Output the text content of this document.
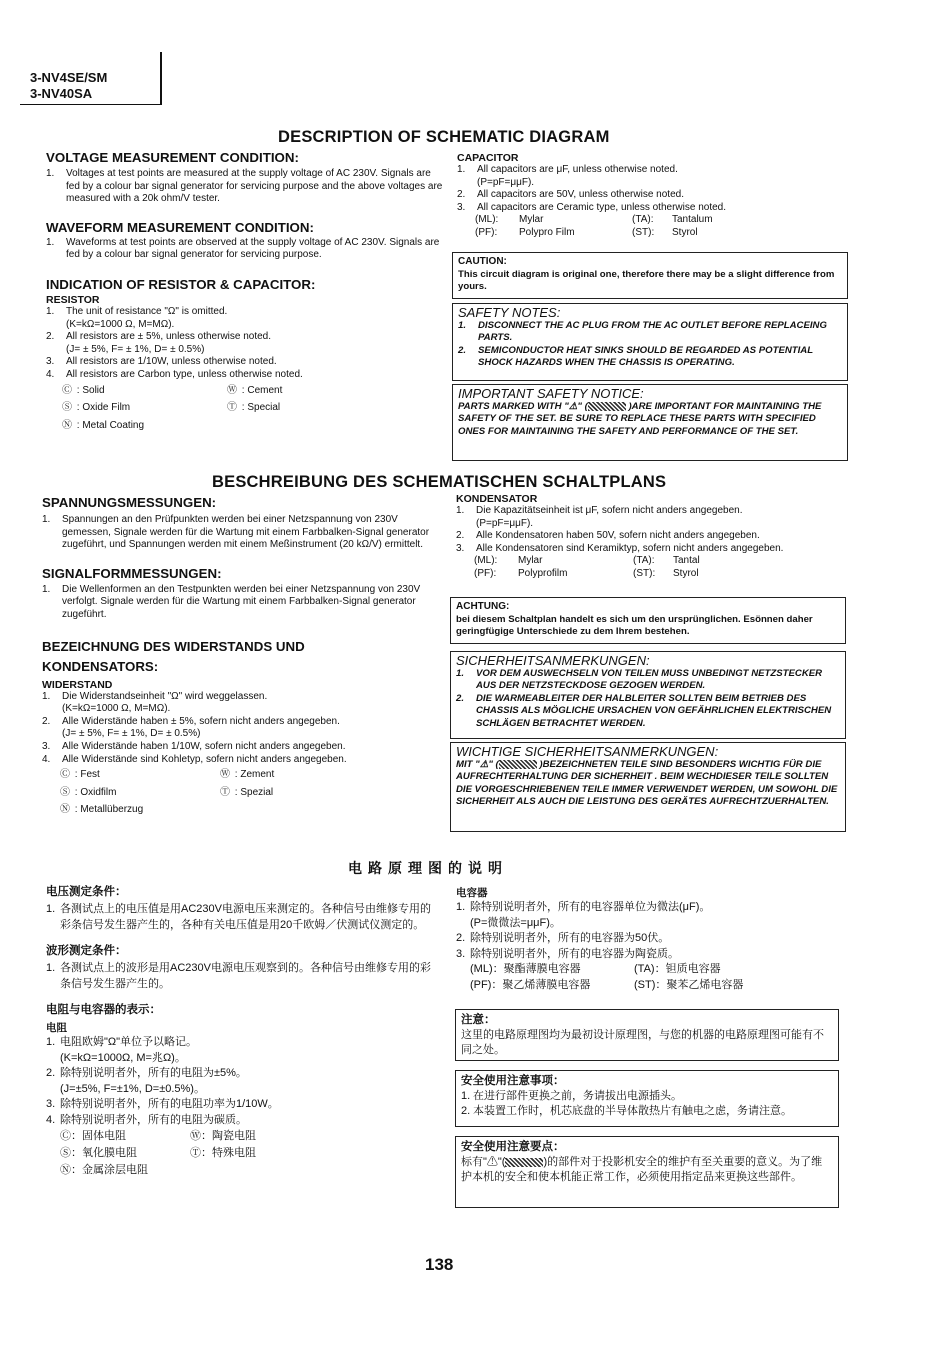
3-NV4SE/SM
3-NV40SA
DESCRIPTION OF SCHEMATIC DIAGRAM
VOLTAGE MEASUREMENT CONDITION:
1. Voltages at test points are measured at the supply voltage of AC 230V. Signals are fed by a colour bar signal generator for servicing purpose and the above voltages are measured with a 20k ohm/V tester.
WAVEFORM MEASUREMENT CONDITION:
1. Waveforms at test points are observed at the supply voltage of AC 230V. Signals are fed by a colour bar signal generator for servicing purpose.
INDICATION OF RESISTOR & CAPACITOR:
RESISTOR
1. The unit of resistance "Ω" is omitted.
(K=kΩ=1000 Ω, M=MΩ).
2. All resistors are ± 5%, unless otherwise noted.
(J= ± 5%, F= ± 1%, D= ± 0.5%)
3. All resistors are 1/10W, unless otherwise noted.
4. All resistors are Carbon type, unless otherwise noted.
Ⓒ : Solid	Ⓦ : Cement
Ⓢ : Oxide Film	Ⓣ : Special
Ⓝ : Metal Coating
CAPACITOR
1. All capacitors are μF, unless otherwise noted.
(P=pF=μμF).
2. All capacitors are 50V, unless otherwise noted.
3. All capacitors are Ceramic type, unless otherwise noted.
(ML):	Mylar	(TA):	Tantalum
(PF):	Polypro Film	(ST):	Styrol
CAUTION:
This circuit diagram is original one, therefore there may be a slight difference from yours.
SAFETY NOTES:
1. DISCONNECT THE AC PLUG FROM THE AC OUTLET BEFORE REPLACEING PARTS.
2. SEMICONDUCTOR HEAT SINKS SHOULD BE REGARDED AS POTENTIAL SHOCK HAZARDS WHEN THE CHASSIS IS OPERATING.
IMPORTANT SAFETY NOTICE:
PARTS MARKED WITH "⚠" (	)ARE IMPORTANT FOR MAINTAINING THE SAFETY OF THE SET. BE SURE TO REPLACE THESE PARTS WITH SPECIFIED ONES FOR MAINTAINING THE SAFETY AND PERFORMANCE OF THE SET.
BESCHREIBUNG DES SCHEMATISCHEN SCHALTPLANS
SPANNUNGSMESSUNGEN:
1. Spannungen an den Prüfpunkten werden bei einer Netzspannung von 230V gemessen, Signale werden für die Wartung mit einem Farbbalken-Signal generator zugeführt, und Spannungen werden mit einem Meßinstrument (20 kΩ/V) ermittelt.
SIGNALFORMMESSUNGEN:
1. Die Wellenformen an den Testpunkten werden bei einer Netzspannung von 230V verfolgt. Signale werden für die Wartung mit einem Farbbalken-Signal generator zugeführt.
BEZEICHNUNG DES WIDERSTANDS UND
KONDENSATORS:
WIDERSTAND
1. Die Widerstandseinheit "Ω" wird weggelassen.
(K=kΩ=1000 Ω, M=MΩ).
2. Alle Widerstände haben ± 5%, sofern nicht anders angegeben.
(J= ± 5%, F= ± 1%, D= ± 0.5%)
3. Alle Widerstände haben 1/10W, sofern nicht anders angegeben.
4. Alle Widerstände sind Kohletyp, sofern nicht anders angegeben.
Ⓒ : Fest	Ⓦ : Zement
Ⓢ : Oxidfilm	Ⓣ : Spezial
Ⓝ : Metallüberzug
KONDENSATOR
1. Die Kapazitätseinheit ist μF, sofern nicht anders angegeben.
(P=pF=μμF).
2. Alle Kondensatoren haben 50V, sofern nicht anders angegeben.
3. Alle Kondensatoren sind Keramiktyp, sofern nicht anders angegeben.
(ML):	Mylar	(TA):	Tantal
(PF):	Polyprofilm	(ST):	Styrol
ACHTUNG:
bei diesem Schaltplan handelt es sich um den ursprünglichen. Esönnen daher geringfügige Unterschiede zu dem Ihrem bestehen.
SICHERHEITSANMERKUNGEN:
1. VOR DEM AUSWECHSELN VON TEILEN MUSS UNBEDINGT NETZSTECKER AUS DER NETZSTECKDOSE GEZOGEN WERDEN.
2. DIE WARMEABLEITER DER HALBLEITER SOLLTEN BEIM BETRIEB DES CHASSIS ALS MÖGLICHE URSACHEN VON GEFÄHRLICHEN ELEKTRISCHEN SCHLÄGEN BETRACHTET WERDEN.
WICHTIGE SICHERHEITSANMERKUNGEN:
MIT "⚠" (	)BEZEICHNETEN TEILE SIND BESONDERS WICHTIG FÜR DIE AUFRECHTERHALTUNG DER SICHERHEIT . BEIM WECHDIESER TEILE SOLLTEN DIE VORGESCHRIEBENEN TEILE IMMER VERWENDET WERDEN, UM SOWOHL DIE SICHERHEIT ALS AUCH DIE LEISTUNG DES GERÄTES AUFRECHTZUERHALTEN.
电路原理图的说明
电压测定条件：
1. 各测试点上的电压值是用AC230V电源电压来测定的。各种信号由维修专用的彩条信号发生器产生的，各种有关电压值是用20千欧姆／伏测试仪测定的。
波形测定条件：
1. 各测试点上的波形是用AC230V电源电压观察到的。各种信号由维修专用的彩条信号发生器产生的。
电阻与电容器的表示：
电阻
1. 电阻欧姆"Ω"单位予以略记。
(K=kΩ=1000Ω, M=兆Ω)。
2. 除特别说明者外，所有的电阻为±5%。
(J=±5%, F=±1%, D=±0.5%)。
3. 除特别说明者外，所有的电阻功率为1/10W。
4. 除特别说明者外，所有的电阻为碳质。
Ⓒ：固体电阻	Ⓦ：陶瓷电阻
Ⓢ：氧化膜电阻	Ⓣ：特殊电阻
Ⓝ：金属涂层电阻
电容器
1. 除特别说明者外，所有的电容器单位为微法(μF)。
(P=微微法=μμF)。
2. 除特别说明者外，所有的电容器为50伏。
3. 除特别说明者外，所有的电容器为陶瓷质。
(ML)：聚酯薄膜电容器	(TA)：钽质电容器
(PF)：聚乙烯薄膜电容器	(ST)：聚苯乙烯电容器
注意：
这里的电路原理图均为最初设计原理图，与您的机器的电路原理图可能有不同之处。
安全使用注意事项：
1. 在进行部件更换之前，务请拔出电源插头。
2. 本装置工作时，机芯底盘的半导体散热片有触电之虑，务请注意。
安全使用注意要点：
标有"⚠"(	)的部件对于投影机安全的维护有至关重要的意义。为了维护本机的安全和使本机能正常工作，必须使用指定品来更换这些部件。
138
